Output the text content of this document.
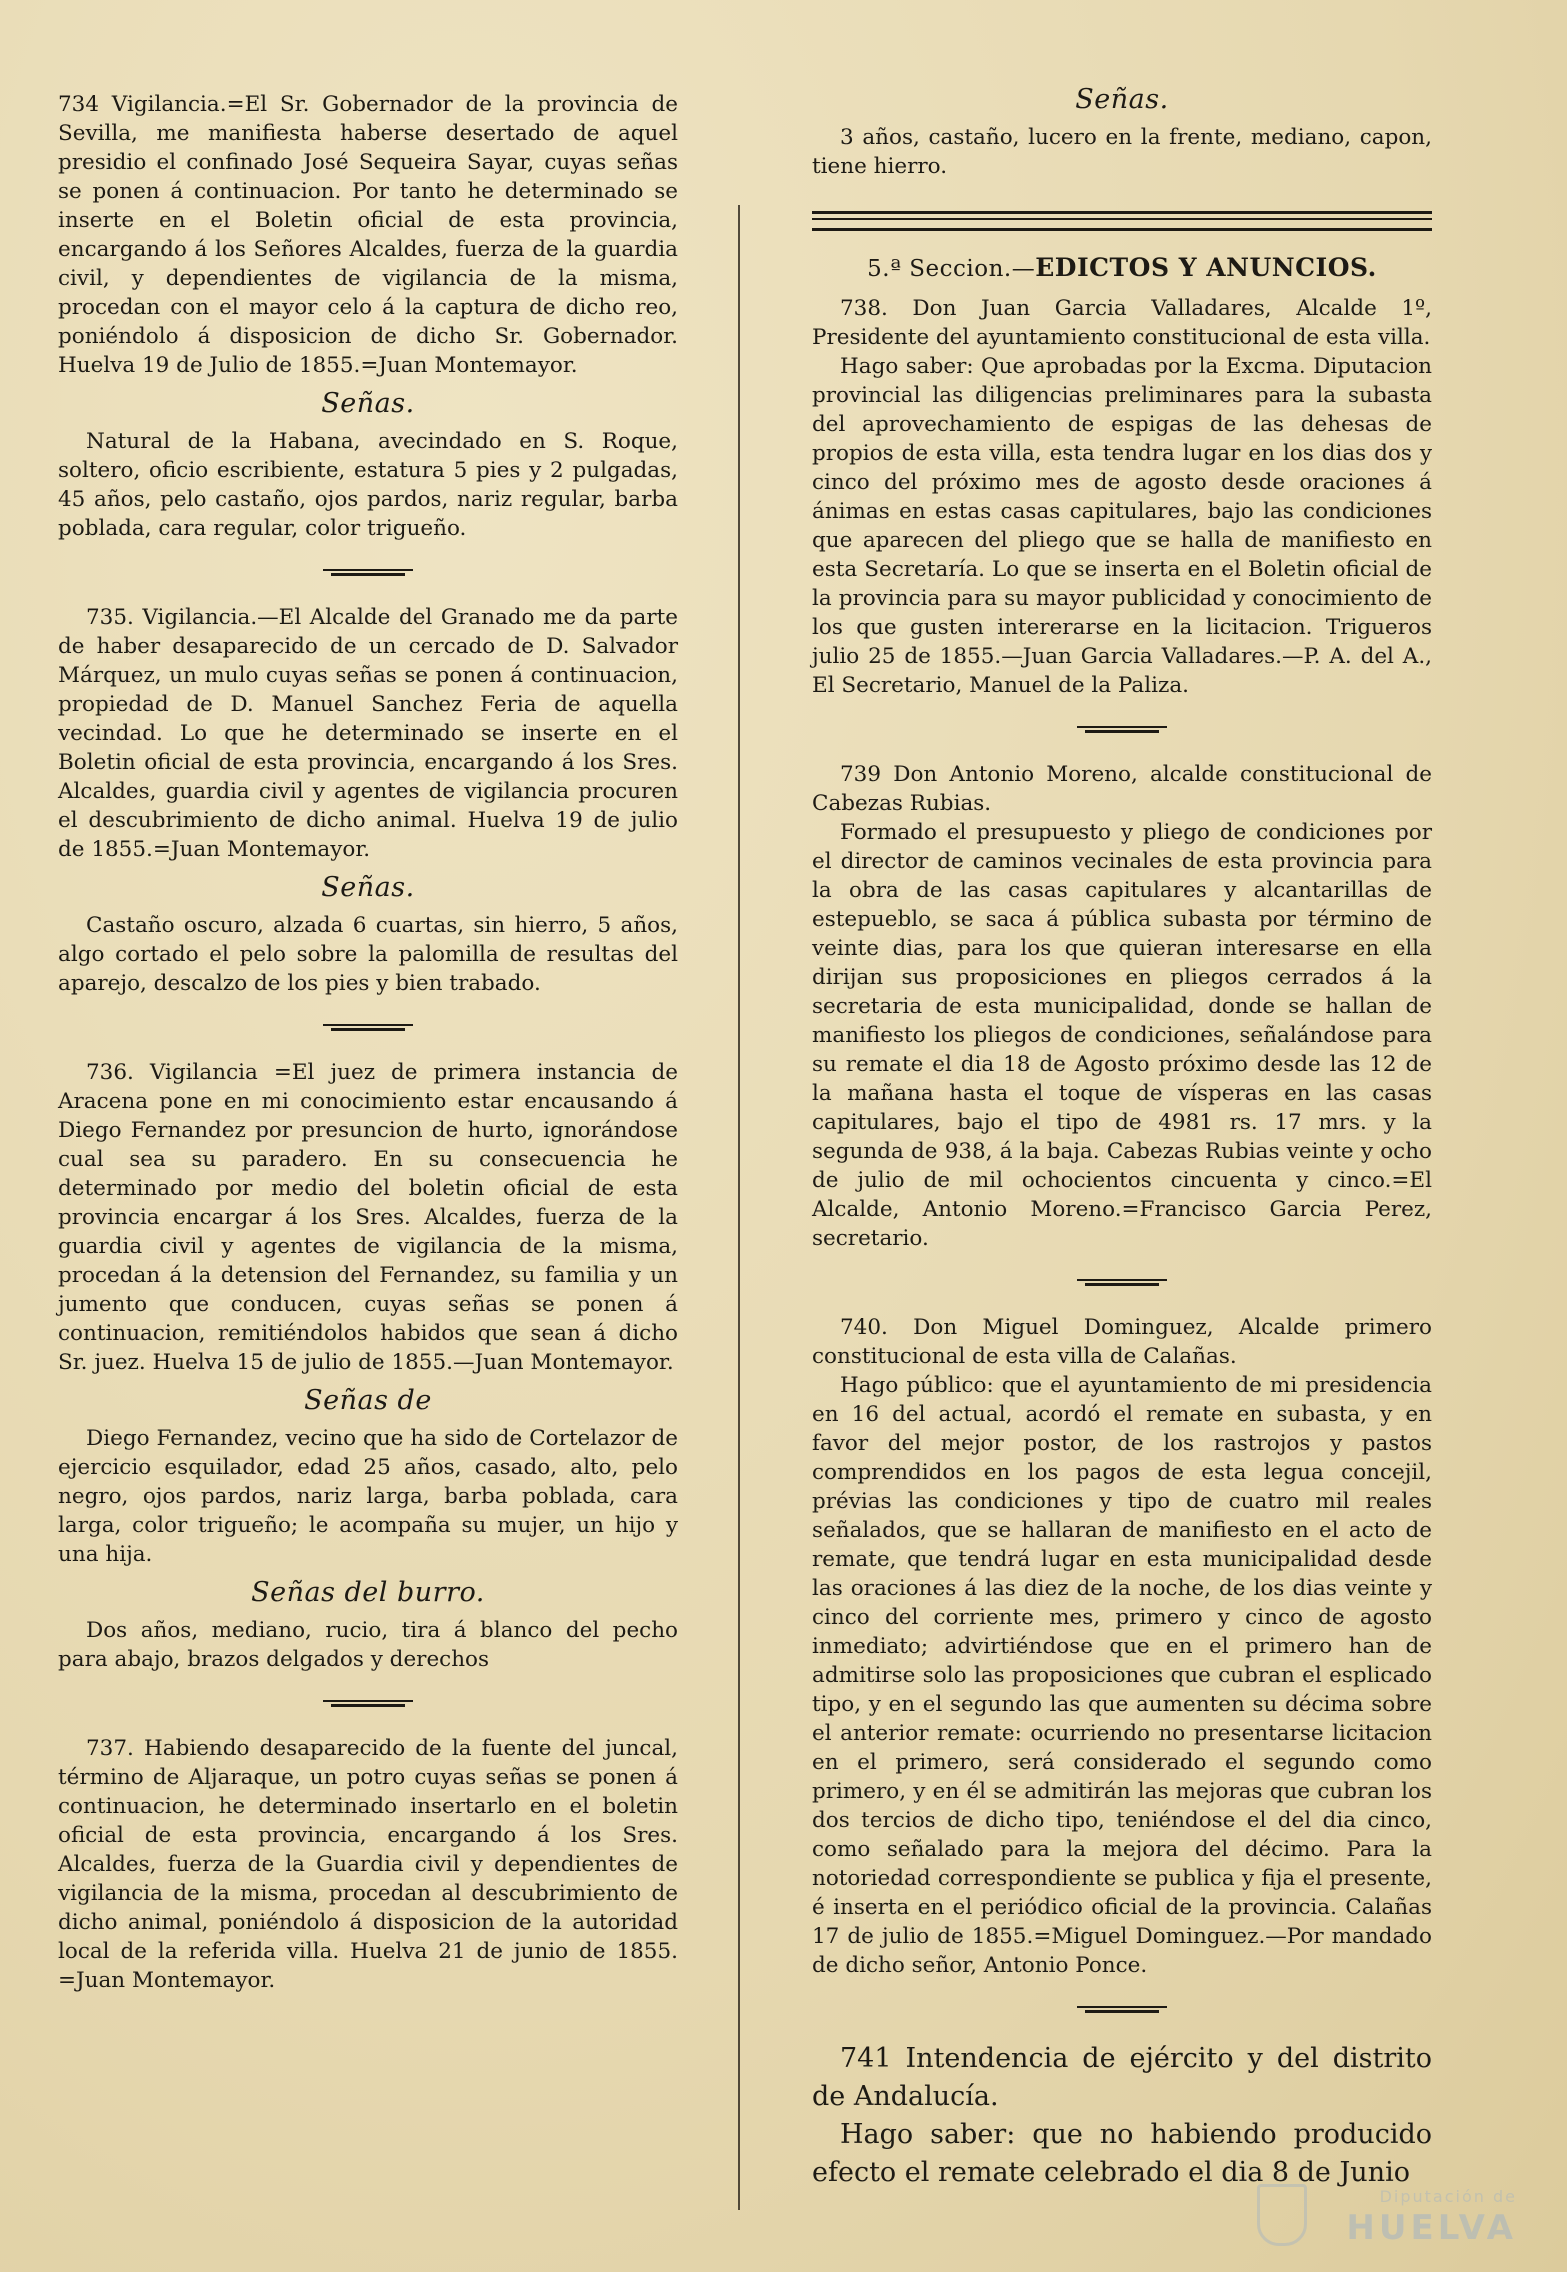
734 Vigilancia.=El Sr. Gobernador de la provincia de Sevilla, me manifiesta haberse desertado de aquel presidio el confinado José Sequeira Sayar, cuyas señas se ponen á continuacion. Por tanto he determinado se inserte en el Boletin oficial de esta provincia, encargando á los Señores Alcaldes, fuerza de la guardia civil, y dependientes de vigilancia de la misma, procedan con el mayor celo á la captura de dicho reo, poniéndolo á disposicion de dicho Sr. Gobernador. Huelva 19 de Julio de 1855.=Juan Montemayor.

Señas.

Natural de la Habana, avecindado en S. Roque, soltero, oficio escribiente, estatura 5 pies y 2 pulgadas, 45 años, pelo castaño, ojos pardos, nariz regular, barba poblada, cara regular, color trigueño.

735. Vigilancia.—El Alcalde del Granado me da parte de haber desaparecido de un cercado de D. Salvador Márquez, un mulo cuyas señas se ponen á continuacion, propiedad de D. Manuel Sanchez Feria de aquella vecindad. Lo que he determinado se inserte en el Boletin oficial de esta provincia, encargando á los Sres. Alcaldes, guardia civil y agentes de vigilancia procuren el descubrimiento de dicho animal. Huelva 19 de julio de 1855.=Juan Montemayor.

Señas.

Castaño oscuro, alzada 6 cuartas, sin hierro, 5 años, algo cortado el pelo sobre la palomilla de resultas del aparejo, descalzo de los pies y bien trabado.

736. Vigilancia =El juez de primera instancia de Aracena pone en mi conocimiento estar encausando á Diego Fernandez por presuncion de hurto, ignorándose cual sea su paradero. En su consecuencia he determinado por medio del boletin oficial de esta provincia encargar á los Sres. Alcaldes, fuerza de la guardia civil y agentes de vigilancia de la misma, procedan á la detension del Fernandez, su familia y un jumento que conducen, cuyas señas se ponen á continuacion, remitiéndolos habidos que sean á dicho Sr. juez. Huelva 15 de julio de 1855.—Juan Montemayor.

Señas de

Diego Fernandez, vecino que ha sido de Cortelazor de ejercicio esquilador, edad 25 años, casado, alto, pelo negro, ojos pardos, nariz larga, barba poblada, cara larga, color trigueño; le acompaña su mujer, un hijo y una hija.

Señas del burro.

Dos años, mediano, rucio, tira á blanco del pecho para abajo, brazos delgados y derechos

737. Habiendo desaparecido de la fuente del juncal, término de Aljaraque, un potro cuyas señas se ponen á continuacion, he determinado insertarlo en el boletin oficial de esta provincia, encargando á los Sres. Alcaldes, fuerza de la Guardia civil y dependientes de vigilancia de la misma, procedan al descubrimiento de dicho animal, poniéndolo á disposicion de la autoridad local de la referida villa. Huelva 21 de junio de 1855. =Juan Montemayor.

Señas.

3 años, castaño, lucero en la frente, mediano, capon, tiene hierro.

5.ª Seccion.—EDICTOS Y ANUNCIOS.

738. Don Juan Garcia Valladares, Alcalde 1º, Presidente del ayuntamiento constitucional de esta villa.

Hago saber: Que aprobadas por la Excma. Diputacion provincial las diligencias preliminares para la subasta del aprovechamiento de espigas de las dehesas de propios de esta villa, esta tendra lugar en los dias dos y cinco del próximo mes de agosto desde oraciones á ánimas en estas casas capitulares, bajo las condiciones que aparecen del pliego que se halla de manifiesto en esta Secretaría. Lo que se inserta en el Boletin oficial de la provincia para su mayor publicidad y conocimiento de los que gusten intererarse en la licitacion. Trigueros julio 25 de 1855.—Juan Garcia Valladares.—P. A. del A., El Secretario, Manuel de la Paliza.

739 Don Antonio Moreno, alcalde constitucional de Cabezas Rubias.

Formado el presupuesto y pliego de condiciones por el director de caminos vecinales de esta provincia para la obra de las casas capitulares y alcantarillas de estepueblo, se saca á pública subasta por término de veinte dias, para los que quieran interesarse en ella dirijan sus proposiciones en pliegos cerrados á la secretaria de esta municipalidad, donde se hallan de manifiesto los pliegos de condiciones, señalándose para su remate el dia 18 de Agosto próximo desde las 12 de la mañana hasta el toque de vísperas en las casas capitulares, bajo el tipo de 4981 rs. 17 mrs. y la segunda de 938, á la baja. Cabezas Rubias veinte y ocho de julio de mil ochocientos cincuenta y cinco.=El Alcalde, Antonio Moreno.=Francisco Garcia Perez, secretario.

740. Don Miguel Dominguez, Alcalde primero constitucional de esta villa de Calañas.

Hago público: que el ayuntamiento de mi presidencia en 16 del actual, acordó el remate en subasta, y en favor del mejor postor, de los rastrojos y pastos comprendidos en los pagos de esta legua concejil, prévias las condiciones y tipo de cuatro mil reales señalados, que se hallaran de manifiesto en el acto de remate, que tendrá lugar en esta municipalidad desde las oraciones á las diez de la noche, de los dias veinte y cinco del corriente mes, primero y cinco de agosto inmediato; advirtiéndose que en el primero han de admitirse solo las proposiciones que cubran el esplicado tipo, y en el segundo las que aumenten su décima sobre el anterior remate: ocurriendo no presentarse licitacion en el primero, será considerado el segundo como primero, y en él se admitirán las mejoras que cubran los dos tercios de dicho tipo, teniéndose el del dia cinco, como señalado para la mejora del décimo. Para la notoriedad correspondiente se publica y fija el presente, é inserta en el periódico oficial de la provincia. Calañas 17 de julio de 1855.=Miguel Dominguez.—Por mandado de dicho señor, Antonio Ponce.

741 Intendencia de ejército y del distrito de Andalucía.

Hago saber: que no habiendo producido efecto el remate celebrado el dia 8 de Junio

Diputación de
HUELVA
